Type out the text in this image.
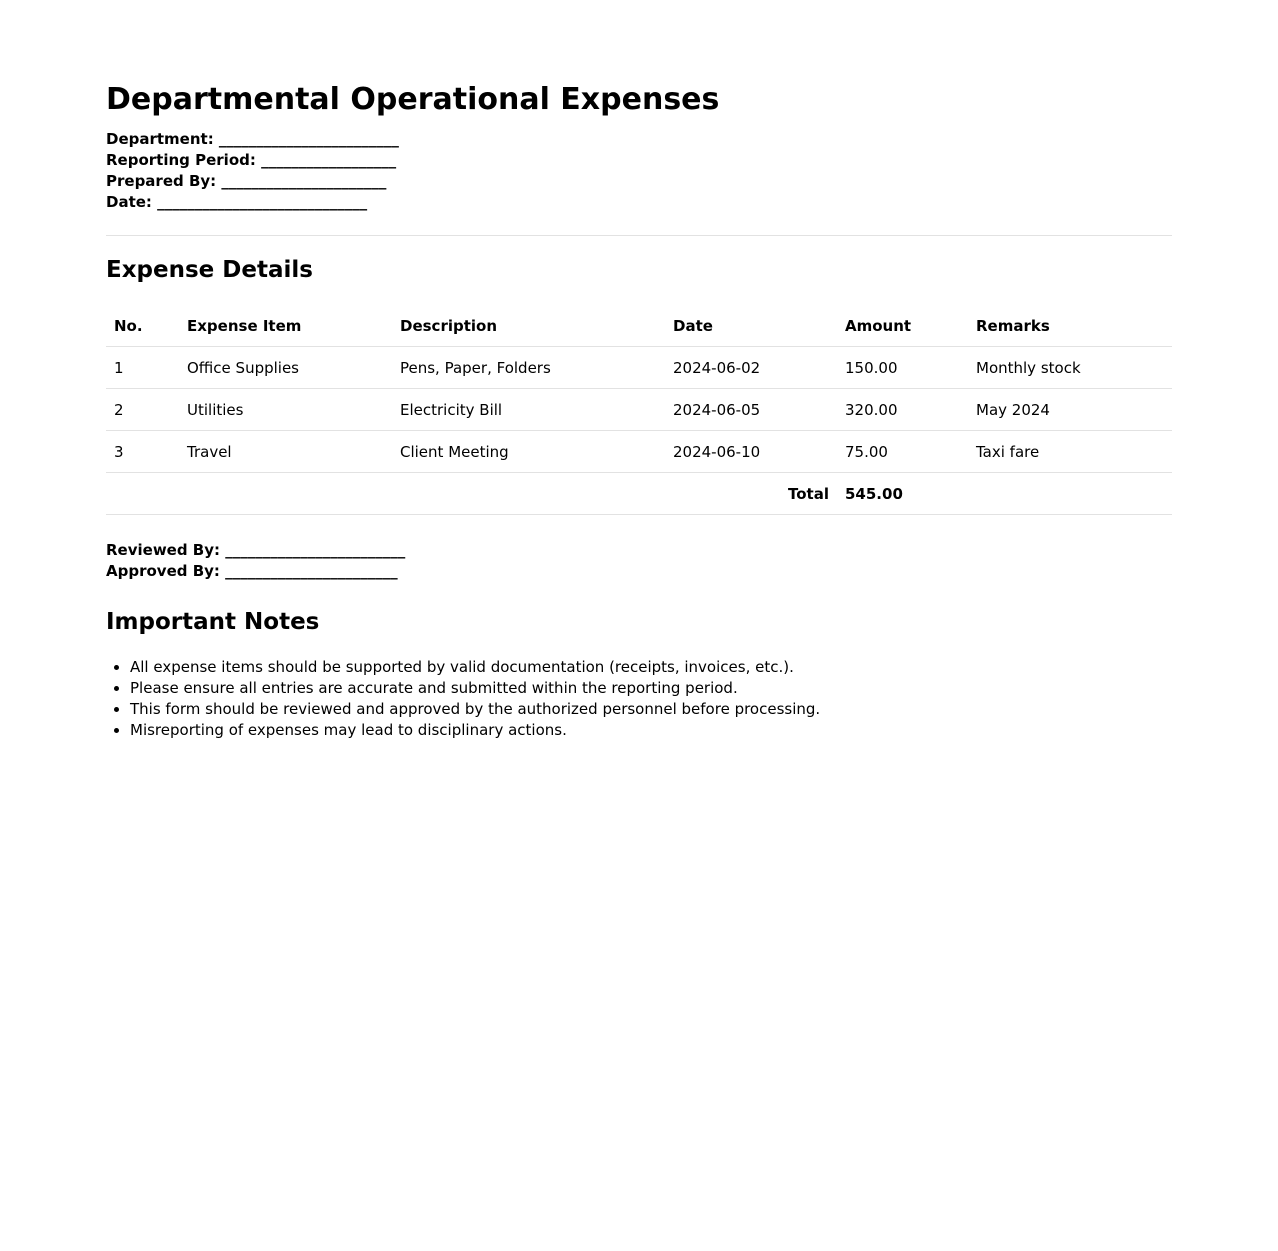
Departmental Operational Expenses
Department: ________________________
Reporting Period: __________________
Prepared By: ______________________
Date: ____________________________
Expense Details
No.	Expense Item	Description	Date	Amount	Remarks
1	Office Supplies	Pens, Paper, Folders	2024-06-02	150.00	Monthly stock
2	Utilities	Electricity Bill	2024-06-05	320.00	May 2024
3	Travel	Client Meeting	2024-06-10	75.00	Taxi fare
Total				545.00	
Reviewed By: ________________________
Approved By: _______________________
Important Notes
• All expense items should be supported by valid documentation (receipts, invoices, etc.).
• Please ensure all entries are accurate and submitted within the reporting period.
• This form should be reviewed and approved by the authorized personnel before processing.
• Misreporting of expenses may lead to disciplinary actions.
